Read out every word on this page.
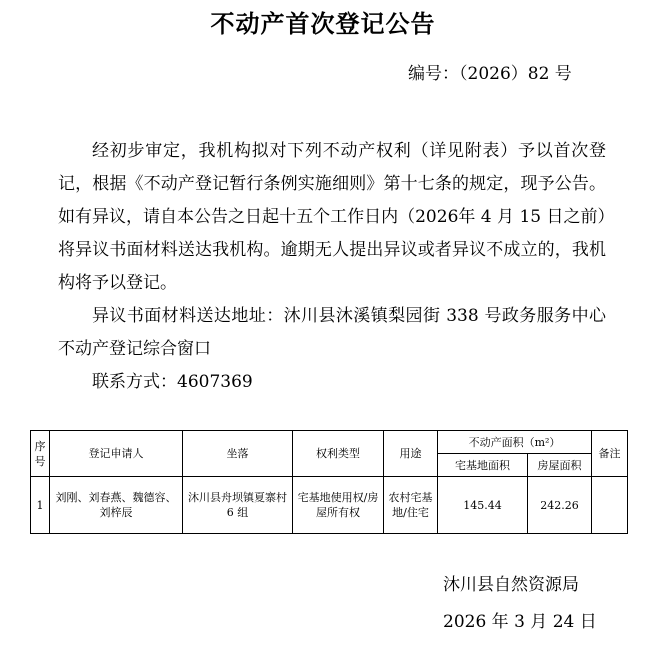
不动产首次登记公告
编号：（2026）82 号

经初步审定，我机构拟对下列不动产权利（详见附表）予以首次登记，根据《不动产登记暂行条例实施细则》第十七条的规定，现予公告。如有异议，请自本公告之日起十五个工作日内（2026年 4 月 15 日之前）将异议书面材料送达我机构。逾期无人提出异议或者异议不成立的，我机构将予以登记。

异议书面材料送达地址：沐川县沐溪镇梨园街 338 号政务服务中心不动产登记综合窗口

联系方式：4607369

序号	登记申请人	坐落	权利类型	用途	不动产面积（m²）		备注
					宅基地面积	房屋面积	
1	刘刚、刘春燕、魏德容、刘梓辰	沐川县舟坝镇夏寨村 6 组	宅基地使用权/房屋所有权	农村宅基地/住宅	145.44	242.26	
沐川县自然资源局
2026 年 3 月 24 日
